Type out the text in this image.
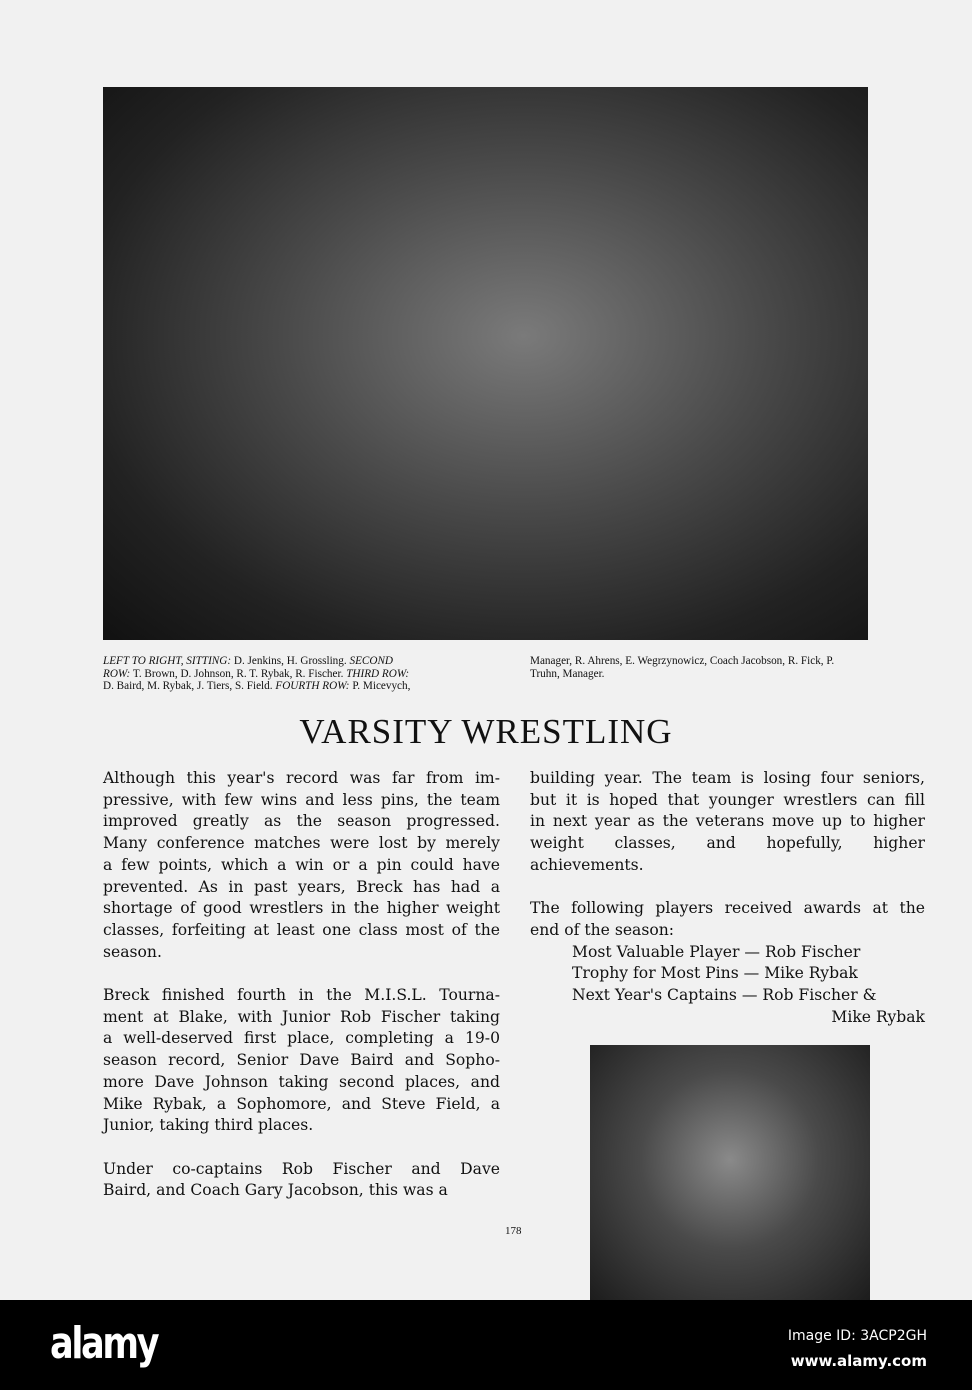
LEFT TO RIGHT, SITTING: D. Jenkins, H. Grossling. SECOND
ROW: T. Brown, D. Johnson, R. T. Rybak, R. Fischer. THIRD ROW:
D. Baird, M. Rybak, J. Tiers, S. Field. FOURTH ROW: P. Micevych,
Manager, R. Ahrens, E. Wegrzynowicz, Coach Jacobson, R. Fick, P.
Truhn, Manager.
VARSITY WRESTLING
Although this year's record was far from im-
pressive, with few wins and less pins, the team
improved greatly as the season progressed.
Many conference matches were lost by merely
a few points, which a win or a pin could have
prevented. As in past years, Breck has had a
shortage of good wrestlers in the higher weight
classes, forfeiting at least one class most of the
season.
Breck finished fourth in the M.I.S.L. Tourna-
ment at Blake, with Junior Rob Fischer taking
a well-deserved first place, completing a 19-0
season record, Senior Dave Baird and Sopho-
more Dave Johnson taking second places, and
Mike Rybak, a Sophomore, and Steve Field, a
Junior, taking third places.
Under co-captains Rob Fischer and Dave
Baird, and Coach Gary Jacobson, this was a
building year. The team is losing four seniors,
but it is hoped that younger wrestlers can fill
in next year as the veterans move up to higher
weight classes, and hopefully, higher
achievements.
The following players received awards at the
end of the season:
Most Valuable Player — Rob Fischer
Trophy for Most Pins — Mike Rybak
Next Year's Captains — Rob Fischer &
Mike Rybak
178
alamy	Image ID: 3ACP2GH
www.alamy.com
